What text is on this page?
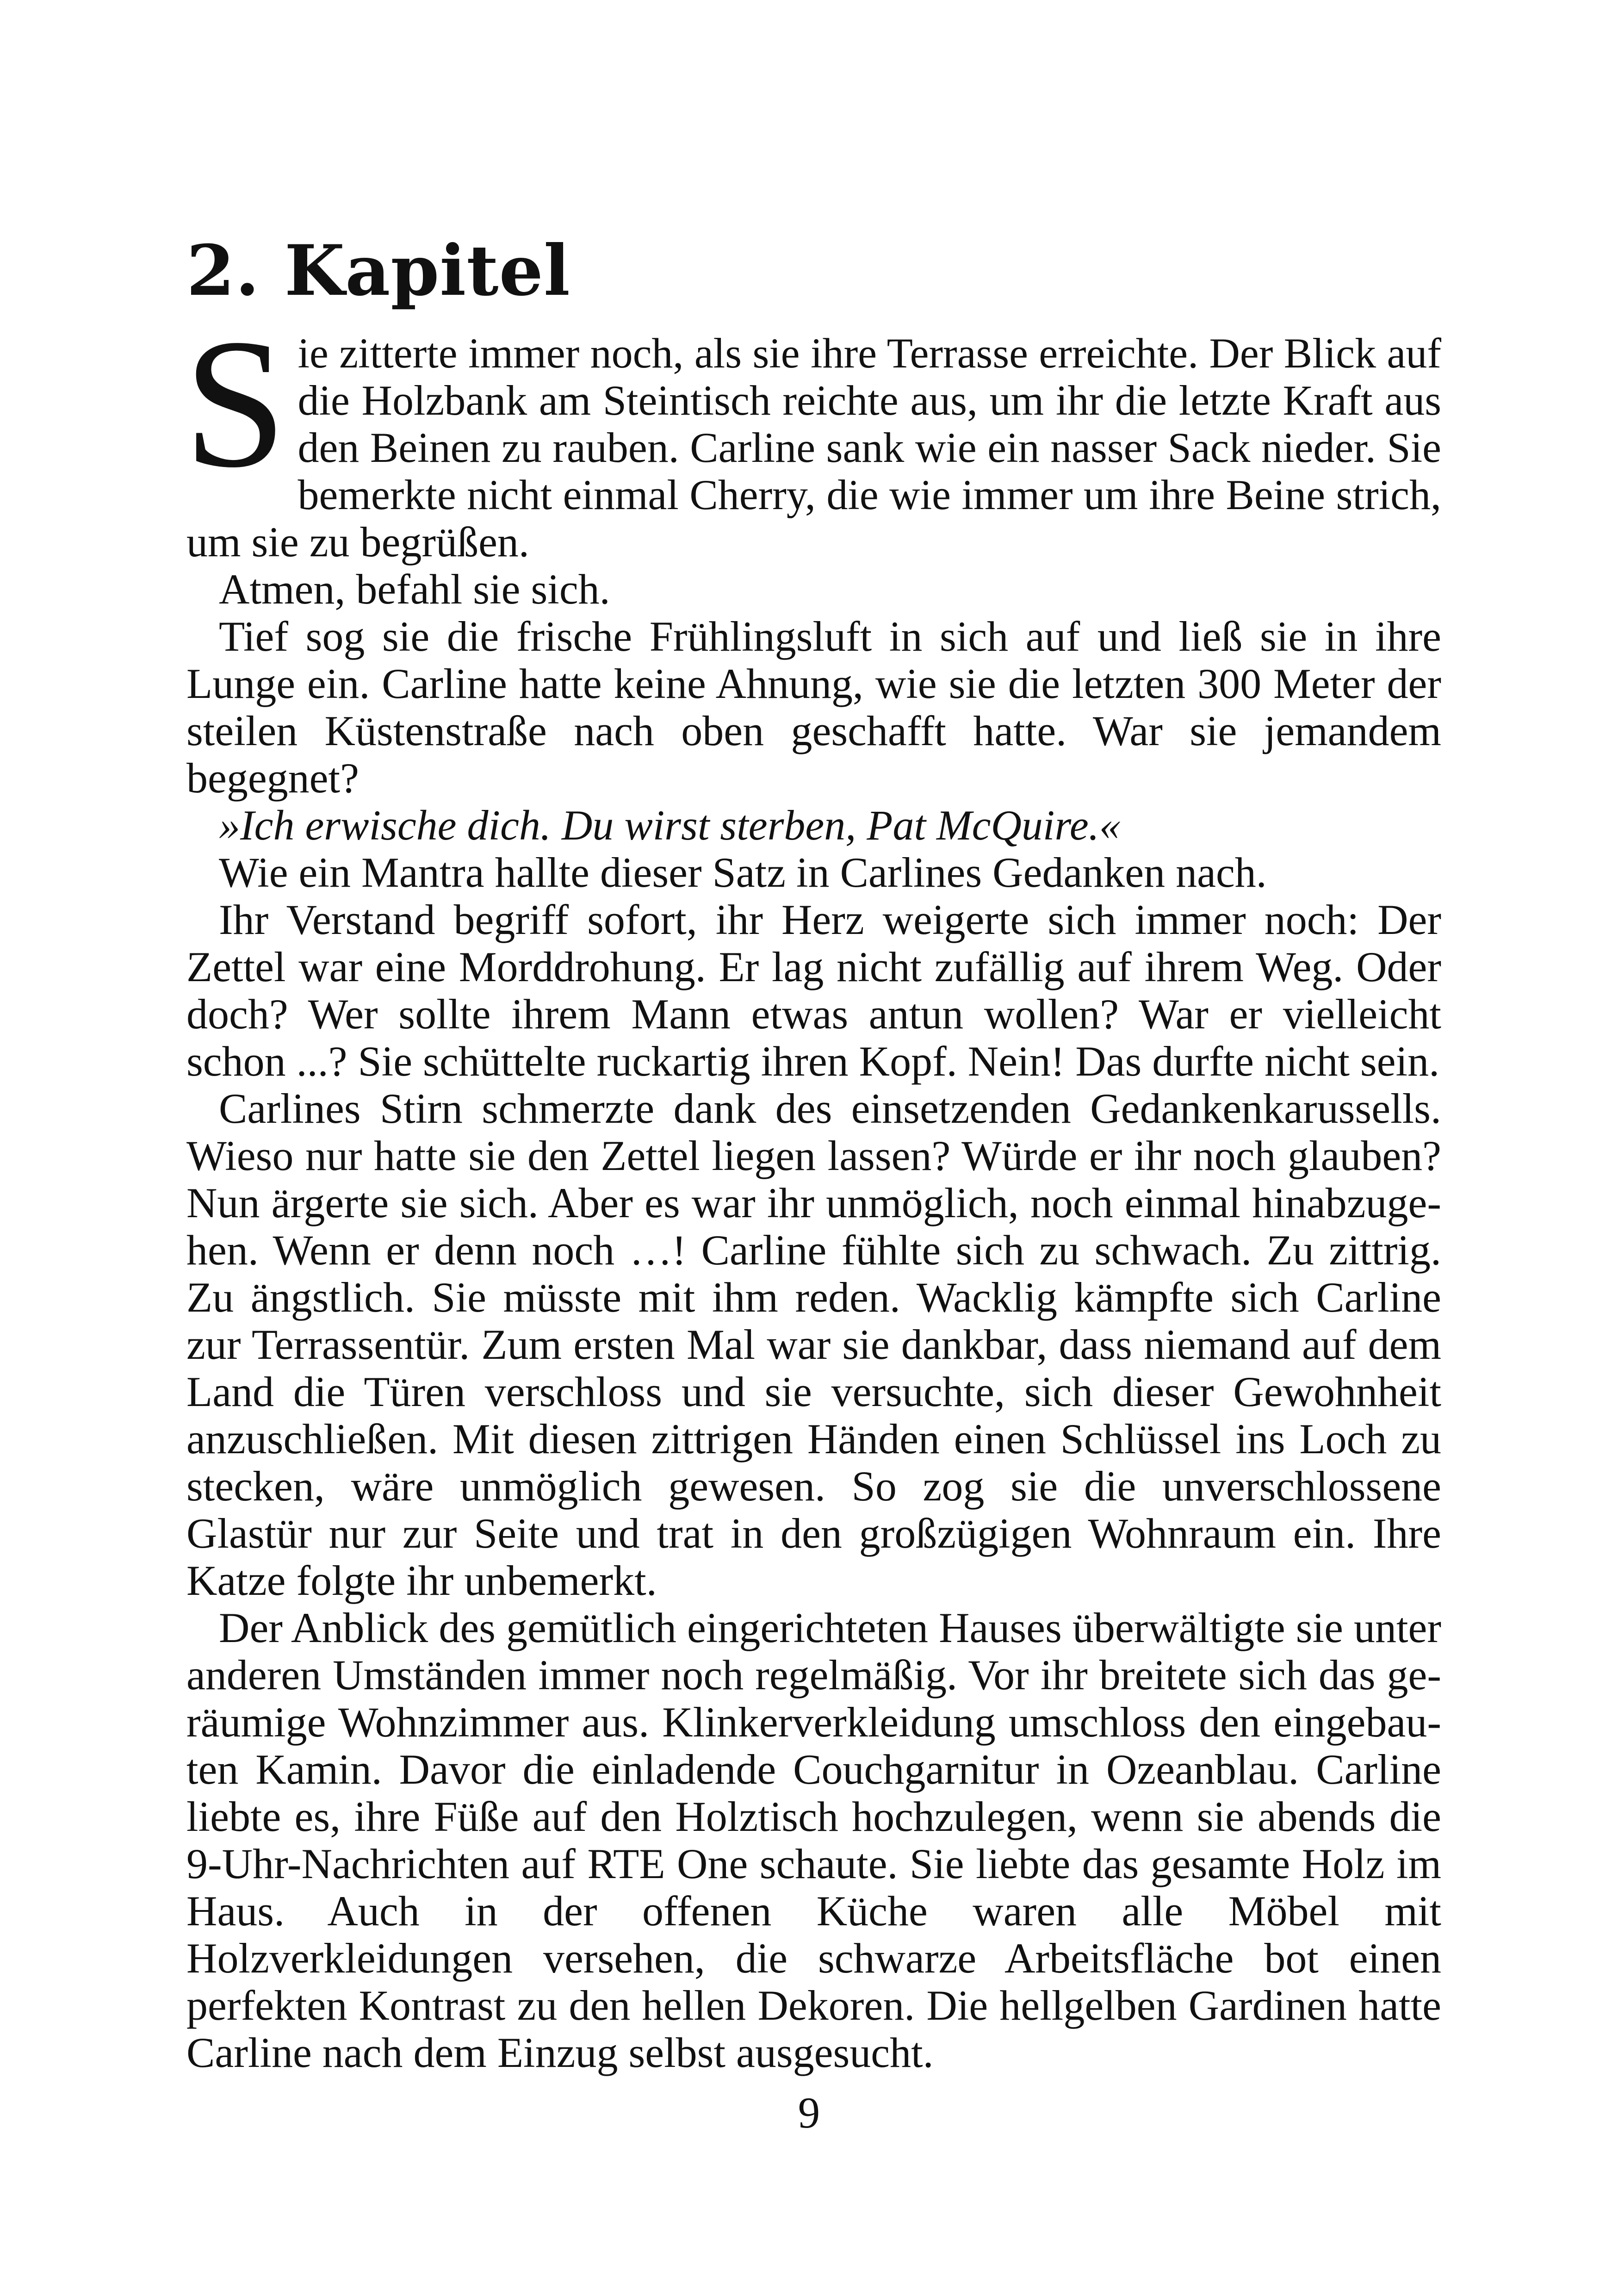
2. Kapitel

Sie zitterte immer noch, als sie ihre Terrasse erreichte. Der Blick auf die Holzbank am Steintisch reichte aus, um ihr die letzte Kraft aus den Beinen zu rauben. Carline sank wie ein nasser Sack nieder. Sie bemerkte nicht einmal Cherry, die wie immer um ihre Beine strich, um sie zu begrüßen.

Atmen, befahl sie sich.

Tief sog sie die frische Frühlingsluft in sich auf und ließ sie in ihre Lunge ein. Carline hatte keine Ahnung, wie sie die letzten 300 Meter der steilen Küstenstraße nach oben geschafft hatte. War sie jemandem begegnet?

»Ich erwische dich. Du wirst sterben, Pat McQuire.«

Wie ein Mantra hallte dieser Satz in Carlines Gedanken nach.

Ihr Verstand begriff sofort, ihr Herz weigerte sich immer noch: Der Zettel war eine Morddrohung. Er lag nicht zufällig auf ihrem Weg. Oder doch? Wer sollte ihrem Mann etwas antun wollen? War er vielleicht schon ...? Sie schüttelte ruckartig ihren Kopf. Nein! Das durfte nicht sein.

Carlines Stirn schmerzte dank des einsetzenden Gedankenkarussells. Wieso nur hatte sie den Zettel liegen lassen? Würde er ihr noch glauben? Nun ärgerte sie sich. Aber es war ihr unmöglich, noch einmal hinabzugehen. Wenn er denn noch …! Carline fühlte sich zu schwach. Zu zittrig. Zu ängstlich. Sie müsste mit ihm reden. Wacklig kämpfte sich Carline zur Terrassentür. Zum ersten Mal war sie dankbar, dass niemand auf dem Land die Türen verschloss und sie versuchte, sich dieser Gewohnheit anzuschließen. Mit diesen zittrigen Händen einen Schlüssel ins Loch zu stecken, wäre unmöglich gewesen. So zog sie die unverschlossene Glastür nur zur Seite und trat in den großzügigen Wohnraum ein. Ihre Katze folgte ihr unbemerkt.

Der Anblick des gemütlich eingerichteten Hauses überwältigte sie unter anderen Umständen immer noch regelmäßig. Vor ihr breitete sich das geräumige Wohnzimmer aus. Klinkerverkleidung umschloss den eingebauten Kamin. Davor die einladende Couchgarnitur in Ozeanblau. Carline liebte es, ihre Füße auf den Holztisch hochzulegen, wenn sie abends die 9-Uhr-Nachrichten auf RTE One schaute. Sie liebte das gesamte Holz im Haus. Auch in der offenen Küche waren alle Möbel mit Holzverkleidungen versehen, die schwarze Arbeitsfläche bot einen perfekten Kontrast zu den hellen Dekoren. Die hellgelben Gardinen hatte Carline nach dem Einzug selbst ausgesucht.

9
